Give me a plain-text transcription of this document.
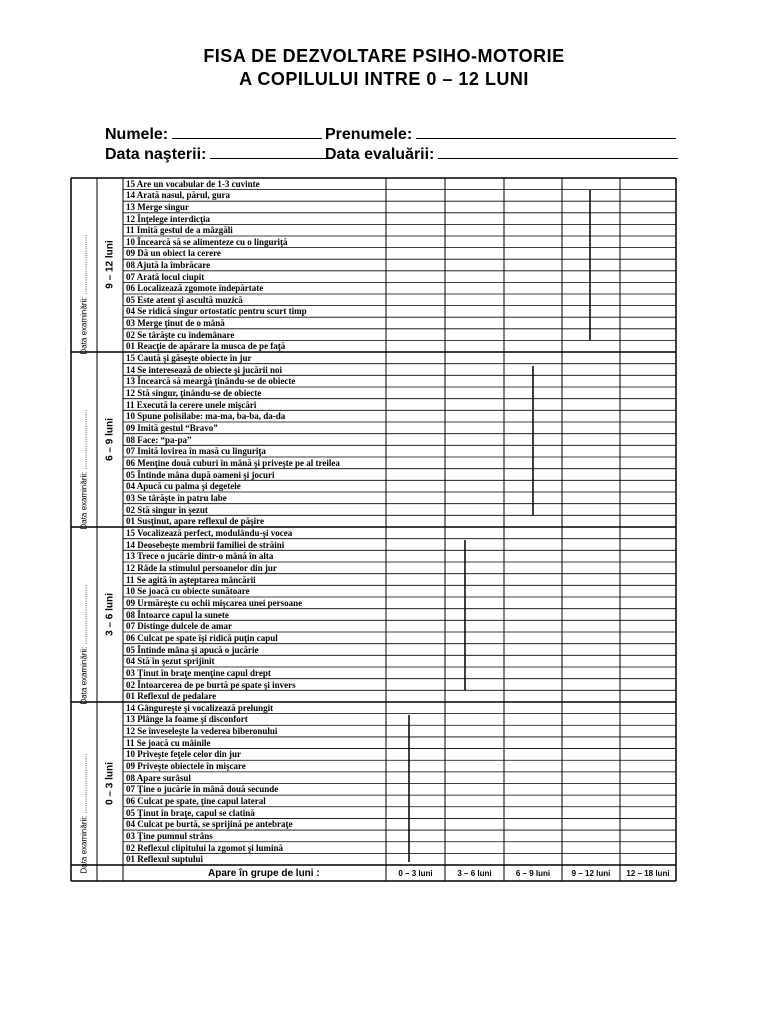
FISA DE DEZVOLTARE PSIHO-MOTORIE
A COPILULUI INTRE 0 – 12 LUNI
Numele:	Prenumele:
Data naşterii:	Data evaluării:
15 Are un vocabular de 1-3 cuvinte
14 Arată nasul, părul, gura
13 Merge singur
12 Înţelege interdicţia
11 Imită gestul de a mâzgăli
10 Încearcă să se alimenteze cu o linguriţă
09 Dă un obiect la cerere
08 Ajută la îmbrăcare
07 Arată locul ciupit
06 Localizează zgomote îndepărtate
05 Este atent şi ascultă muzică
04 Se ridică singur ortostatic pentru scurt timp
03 Merge ţinut de o mână
02 Se târăşte cu îndemânare
01 Reacţie de apărare la musca de pe faţă
9 – 12 luni
Data examinării: ...........................
15 Caută şi găseşte obiecte în jur
14 Se interesează de obiecte şi jucării noi
13 Încearcă să meargă ţinându-se de obiecte
12 Stă singur, ţinându-se de obiecte
11 Execută la cerere unele mişcări
10 Spune polisilabe: ma-ma, ba-ba, da-da
09 Imită gestul “Bravo”
08 Face: “pa-pa”
07 Imită lovirea în masă cu linguriţa
06 Menţine două cuburi în mână şi priveşte pe al treilea
05 Întinde mâna după oameni şi jocuri
04 Apucă cu palma şi degetele
03 Se târăşte în patru labe
02 Stă singur în şezut
01 Susţinut, apare reflexul de păşire
6 – 9 luni
Data examinării: ...........................
15 Vocalizează perfect, modulându-şi vocea
14 Deosebeşte membrii familiei de străini
13 Trece o jucărie dintr-o mână în alta
12 Râde la stimulul persoanelor din jur
11 Se agită în aşteptarea mâncării
10 Se joacă cu obiecte sunătoare
09 Urmăreşte cu ochii mişcarea unei persoane
08 Întoarce capul la sunete
07 Distinge dulcele de amar
06 Culcat pe spate îşi ridică puţin capul
05 Întinde mâna şi apucă o jucărie
04 Stă în şezut sprijinit
03 Ţinut în braţe menţine capul drept
02 Întoarcerea de pe burtă pe spate şi invers
01 Reflexul de pedalare
3 – 6 luni
Data examinării: ...........................
14 Gângureşte şi vocalizează prelungit
13 Plânge la foame şi disconfort
12 Se înveseleşte la vederea biberonului
11 Se joacă cu mâinile
10 Priveşte feţele celor din jur
09 Priveşte obiectele în mişcare
08 Apare surâsul
07 Ţine o jucărie în mână două secunde
06 Culcat pe spate, ţine capul lateral
05 Ţinut în braţe, capul se clatină
04 Culcat pe burtă, se sprijină pe antebraţe
03 Ţine pumnul strâns
02 Reflexul clipitului la zgomot şi lumină
01 Reflexul suptului
0 – 3 luni
Data examinării: ...........................
Apare în grupe de luni :	0 – 3 luni	3 – 6 luni	6 – 9 luni	9 – 12 luni	12 – 18 luni
